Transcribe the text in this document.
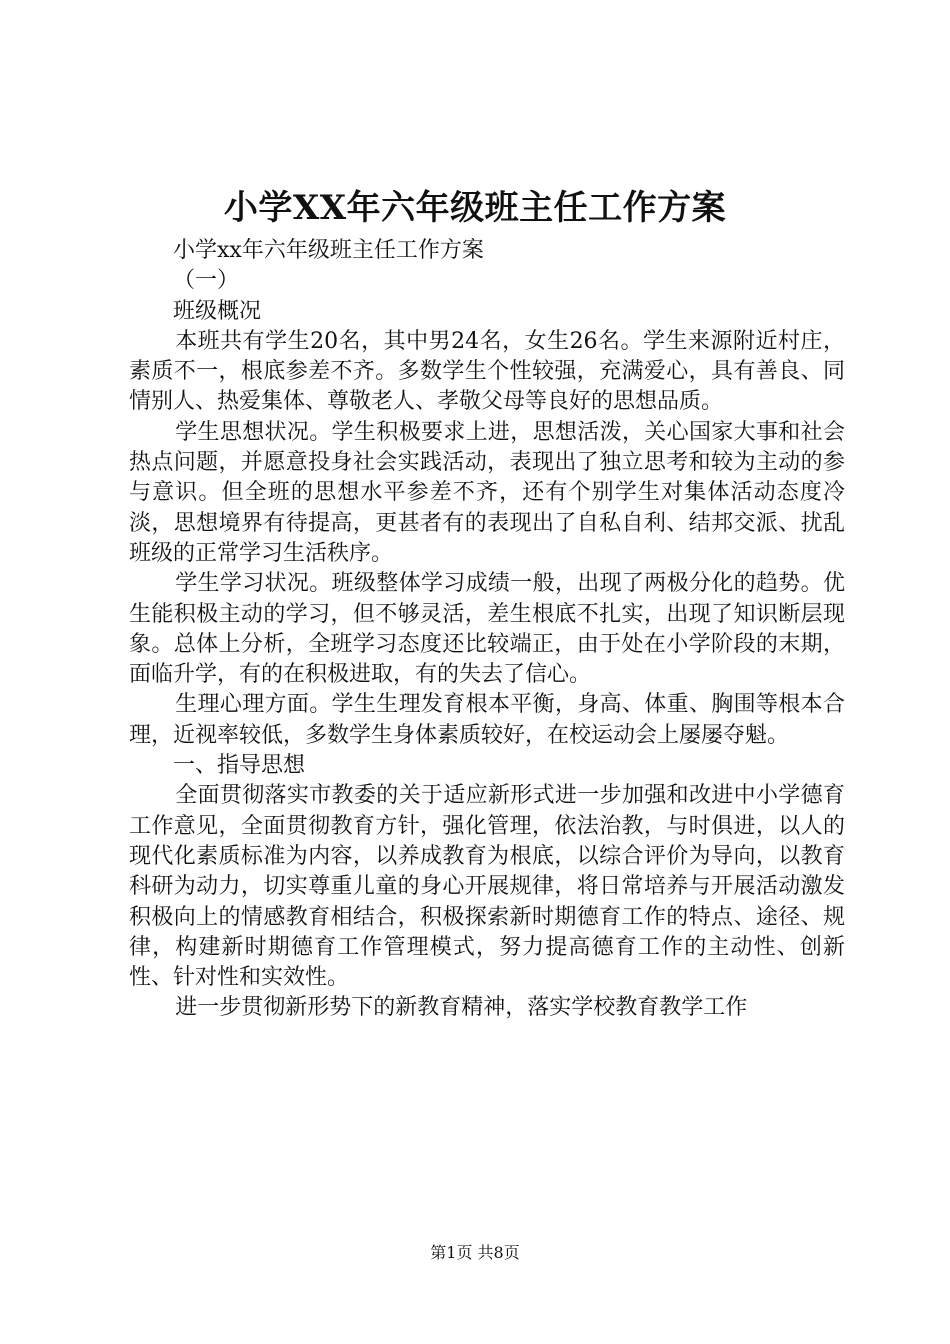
小学XX年六年级班主任工作方案

小学xx年六年级班主任工作方案

（一）

班级概况

本班共有学生20名，其中男24名，女生26名。学生来源附近村庄，素质不一，根底参差不齐。多数学生个性较强，充满爱心，具有善良、同情别人、热爱集体、尊敬老人、孝敬父母等良好的思想品质。

学生思想状况。学生积极要求上进，思想活泼，关心国家大事和社会热点问题，并愿意投身社会实践活动，表现出了独立思考和较为主动的参与意识。但全班的思想水平参差不齐，还有个别学生对集体活动态度冷淡，思想境界有待提高，更甚者有的表现出了自私自利、结邦交派、扰乱班级的正常学习生活秩序。

学生学习状况。班级整体学习成绩一般，出现了两极分化的趋势。优生能积极主动的学习，但不够灵活，差生根底不扎实，出现了知识断层现象。总体上分析，全班学习态度还比较端正，由于处在小学阶段的末期，面临升学，有的在积极进取，有的失去了信心。

生理心理方面。学生生理发育根本平衡，身高、体重、胸围等根本合理，近视率较低，多数学生身体素质较好，在校运动会上屡屡夺魁。

一、指导思想

全面贯彻落实市教委的关于适应新形式进一步加强和改进中小学德育工作意见，全面贯彻教育方针，强化管理，依法治教，与时俱进，以人的现代化素质标准为内容，以养成教育为根底，以综合评价为导向，以教育科研为动力，切实尊重儿童的身心开展规律，将日常培养与开展活动激发积极向上的情感教育相结合，积极探索新时期德育工作的特点、途径、规律，构建新时期德育工作管理模式，努力提高德育工作的主动性、创新性、针对性和实效性。

进一步贯彻新形势下的新教育精神，落实学校教育教学工作

第1页 共8页
